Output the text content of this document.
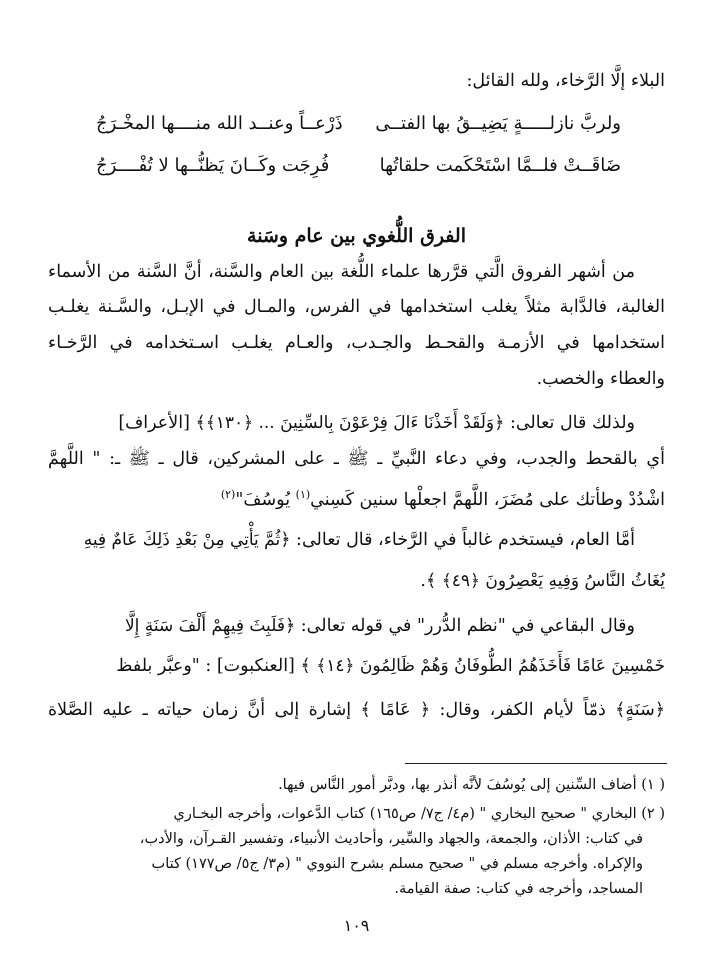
البلاء إلَّا الرَّخاء، ولله القائل:
ولربَّ نازلـــــةٍ يَضِيــقُ بها الفتــى
ذَرْعــاً وعنــد الله منــــها المخْـرَجُ
ضَاقَــتْ فلــمَّا اسْتَحْكَمت حلقاتُها
فُرِجَت وكَــانَ يَظنُّــها لا تُفْــــرَجُ
الفرق اللُّغوي بين عام وسَنة
من أشهر الفروق الَّتي قرَّرها علماء اللُّغة بين العام والسَّنة، أنَّ السَّنة من الأسماء
الغالبة، فالدَّابة مثلاً يغلب استخدامها في الفرس، والمـال في الإبـل، والسَّـنة يغلـب
استخدامها في الأزمـة والقحـط والجـدب، والعـام يغلـب اسـتخدامه في الرَّخـاء
والعطاء والخصب.
ولذلك قال تعالى: ﴿وَلَقَدْ أَخَذْنَا ءَالَ فِرْعَوْنَ بِالسِّنِينَ ... ﴿١٣٠﴾﴾ [الأعراف]
أي بالقحط والجدب، وفي دعاء النَّبيِّ ـ ﷺ ـ على المشركين، قال ـ ﷺ ـ: " اللَّهمَّ
اشْدُدْ وطأتك على مُضَرَ، اللَّهمَّ اجعلْها سنين كَسِني$^{(١)}$ يُوسُفَ"$^{(٢)}$
أمَّا العام، فيستخدم غالباً في الرَّخاء، قال تعالى: ﴿ثُمَّ يَأْتِي مِنْ بَعْدِ ذَلِكَ عَامٌ فِيهِ
يُغَاثُ النَّاسُ وَفِيهِ يَعْصِرُونَ ﴿٤٩﴾ ﴾.
وقال البقاعي في "نظم الدُّرر" في قوله تعالى: ﴿فَلَبِثَ فِيهِمْ أَلْفَ سَنَةٍ إِلَّا
خَمْسِينَ عَامًا فَأَخَذَهُمُ الطُّوفَانُ وَهُمْ ظَالِمُونَ ﴿١٤﴾ ﴾ [العنكبوت] : "وعبَّر بلفظ
﴿سَنَةٍ﴾ ذمّاً لأيام الكفر، وقال: ﴿ عَامًا ﴾ إشارة إلى أنَّ زمان حياته ـ عليه الصَّلاة
( ١) أضاف السِّنين إلى يُوسُفَ لأنَّه أنذر بها، ودبَّر أمور النَّاس فيها.
( ٢) البخاري " صحيح البخاري " (م٤/ ج٧/ ص١٦٥) كتاب الدَّعوات، وأخرجه البخـاري
في كتاب: الأذان، والجمعة، والجهاد والسِّير، وأحاديث الأنبياء، وتفسير القـرآن، والأدب،
والإكراه. وأخرجه مسلم في " صحيح مسلم بشرح النووي " (م٣/ ج٥/ ص١٧٧) كتاب
المساجد، وأخرجه في كتاب: صفة القيامة.
١٠٩
